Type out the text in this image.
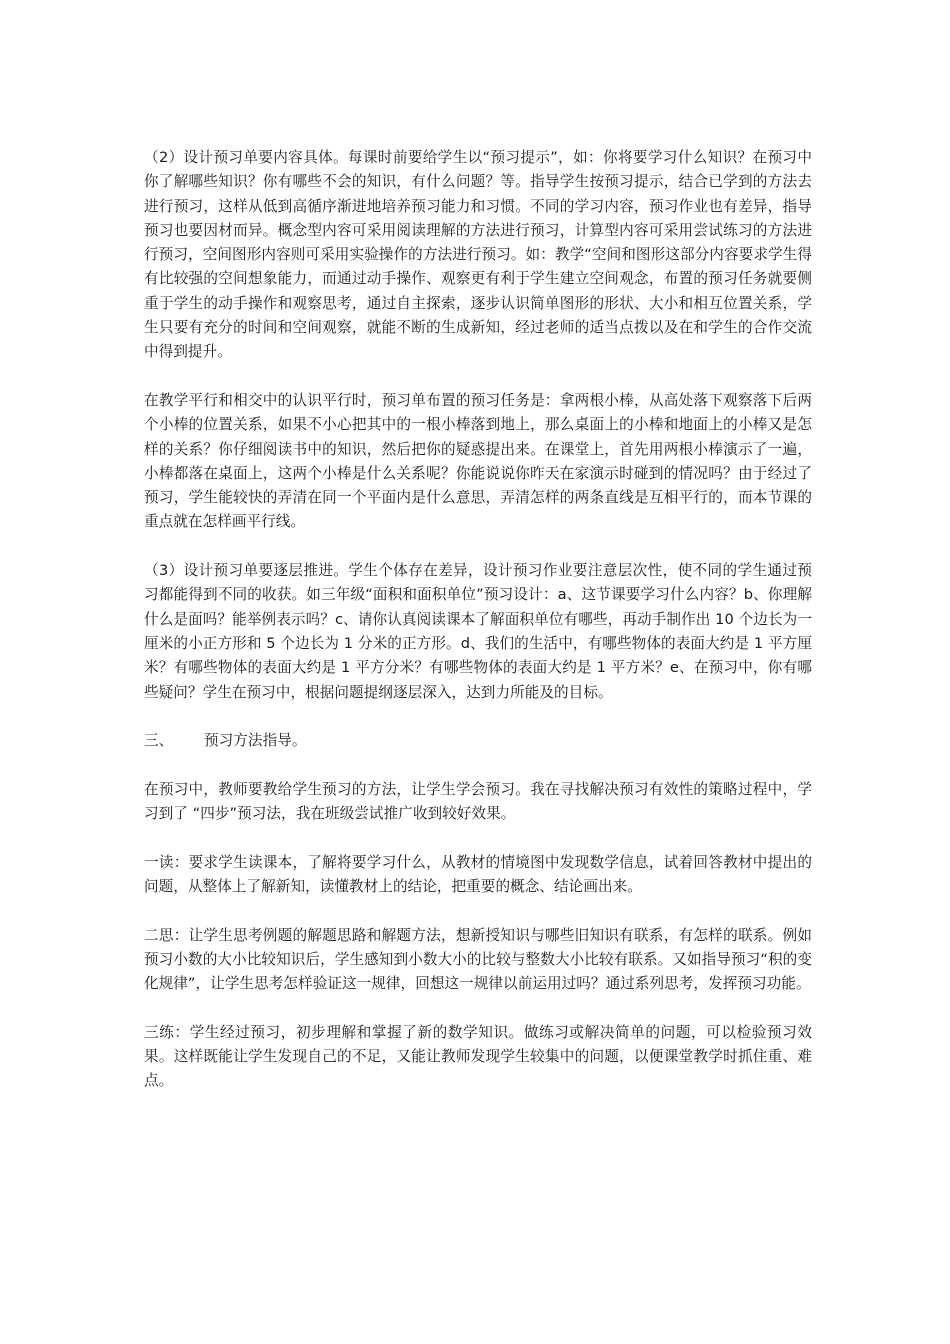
（2）设计预习单要内容具体。每课时前要给学生以“预习提示”，如：你将要学习什么知识？在预习中你了解哪些知识？你有哪些不会的知识，有什么问题？等。指导学生按预习提示，结合已学到的方法去进行预习，这样从低到高循序渐进地培养预习能力和习惯。不同的学习内容，预习作业也有差异，指导预习也要因材而异。概念型内容可采用阅读理解的方法进行预习，计算型内容可采用尝试练习的方法进行预习，空间图形内容则可采用实验操作的方法进行预习。如：教学“空间和图形这部分内容要求学生得有比较强的空间想象能力，而通过动手操作、观察更有利于学生建立空间观念，布置的预习任务就要侧重于学生的动手操作和观察思考，通过自主探索，逐步认识简单图形的形状、大小和相互位置关系，学生只要有充分的时间和空间观察，就能不断的生成新知，经过老师的适当点拨以及在和学生的合作交流中得到提升。

在教学平行和相交中的认识平行时，预习单布置的预习任务是：拿两根小棒，从高处落下观察落下后两个小棒的位置关系，如果不小心把其中的一根小棒落到地上，那么桌面上的小棒和地面上的小棒又是怎样的关系？你仔细阅读书中的知识，然后把你的疑惑提出来。在课堂上，首先用两根小棒演示了一遍，小棒都落在桌面上，这两个小棒是什么关系呢？你能说说你昨天在家演示时碰到的情况吗？由于经过了预习，学生能较快的弄清在同一个平面内是什么意思，弄清怎样的两条直线是互相平行的，而本节课的重点就在怎样画平行线。

（3）设计预习单要逐层推进。学生个体存在差异，设计预习作业要注意层次性，使不同的学生通过预习都能得到不同的收获。如三年级“面积和面积单位”预习设计：a、这节课要学习什么内容？b、你理解什么是面吗？能举例表示吗？c、请你认真阅读课本了解面积单位有哪些，再动手制作出 10 个边长为一厘米的小正方形和 5 个边长为 1 分米的正方形。d、我们的生活中，有哪些物体的表面大约是 1 平方厘米？有哪些物体的表面大约是 1 平方分米？有哪些物体的表面大约是 1 平方米？e、在预习中，你有哪些疑问？学生在预习中，根据问题提纲逐层深入，达到力所能及的目标。

三、 预习方法指导。

在预习中，教师要教给学生预习的方法，让学生学会预习。我在寻找解决预习有效性的策略过程中，学习到了 “四步”预习法，我在班级尝试推广收到较好效果。

一读：要求学生读课本，了解将要学习什么，从教材的情境图中发现数学信息，试着回答教材中提出的问题，从整体上了解新知，读懂教材上的结论，把重要的概念、结论画出来。

二思：让学生思考例题的解题思路和解题方法，想新授知识与哪些旧知识有联系，有怎样的联系。例如预习小数的大小比较知识后，学生感知到小数大小的比较与整数大小比较有联系。又如指导预习“积的变化规律”，让学生思考怎样验证这一规律，回想这一规律以前运用过吗？通过系列思考，发挥预习功能。

三练：学生经过预习，初步理解和掌握了新的数学知识。做练习或解决简单的问题，可以检验预习效果。这样既能让学生发现自己的不足，又能让教师发现学生较集中的问题，以便课堂教学时抓住重、难点。
